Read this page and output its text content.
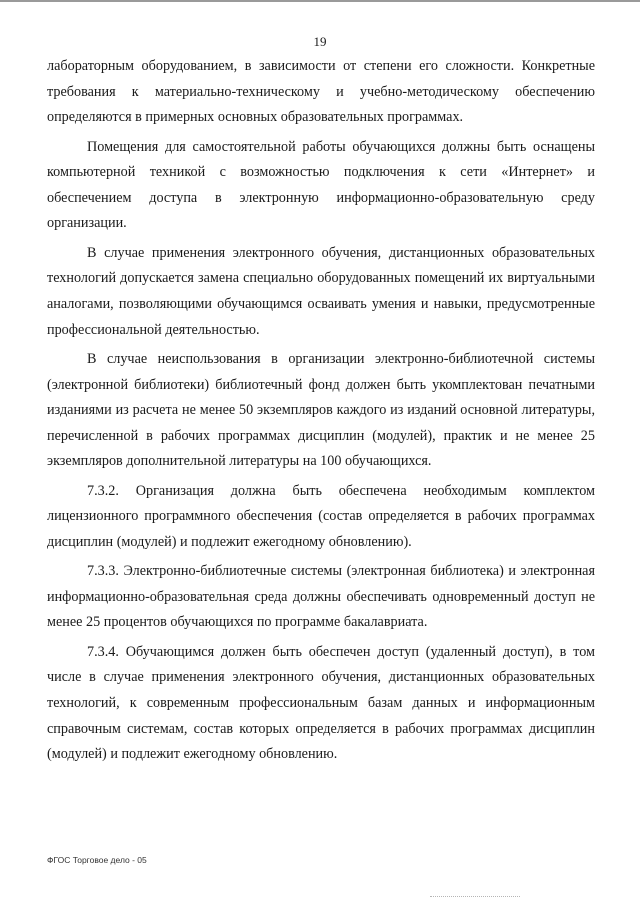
19

лабораторным оборудованием, в зависимости от степени его сложности. Конкретные требования к материально-техническому и учебно-методическому обеспечению определяются в примерных основных образовательных программах.

Помещения для самостоятельной работы обучающихся должны быть оснащены компьютерной техникой с возможностью подключения к сети «Интернет» и обеспечением доступа в электронную информационно-образовательную среду организации.

В случае применения электронного обучения, дистанционных образовательных технологий допускается замена специально оборудованных помещений их виртуальными аналогами, позволяющими обучающимся осваивать умения и навыки, предусмотренные профессиональной деятельностью.

В случае неиспользования в организации электронно-библиотечной системы (электронной библиотеки) библиотечный фонд должен быть укомплектован печатными изданиями из расчета не менее 50 экземпляров каждого из изданий основной литературы, перечисленной в рабочих программах дисциплин (модулей), практик и не менее 25 экземпляров дополнительной литературы на 100 обучающихся.

7.3.2. Организация должна быть обеспечена необходимым комплектом лицензионного программного обеспечения (состав определяется в рабочих программах дисциплин (модулей) и подлежит ежегодному обновлению).

7.3.3. Электронно-библиотечные системы (электронная библиотека) и электронная информационно-образовательная среда должны обеспечивать одновременный доступ не менее 25 процентов обучающихся по программе бакалавриата.

7.3.4. Обучающимся должен быть обеспечен доступ (удаленный доступ), в том числе в случае применения электронного обучения, дистанционных образовательных технологий, к современным профессиональным базам данных и информационным справочным системам, состав которых определяется в рабочих программах дисциплин (модулей) и подлежит ежегодному обновлению.

ФГОС Торговое дело - 05
